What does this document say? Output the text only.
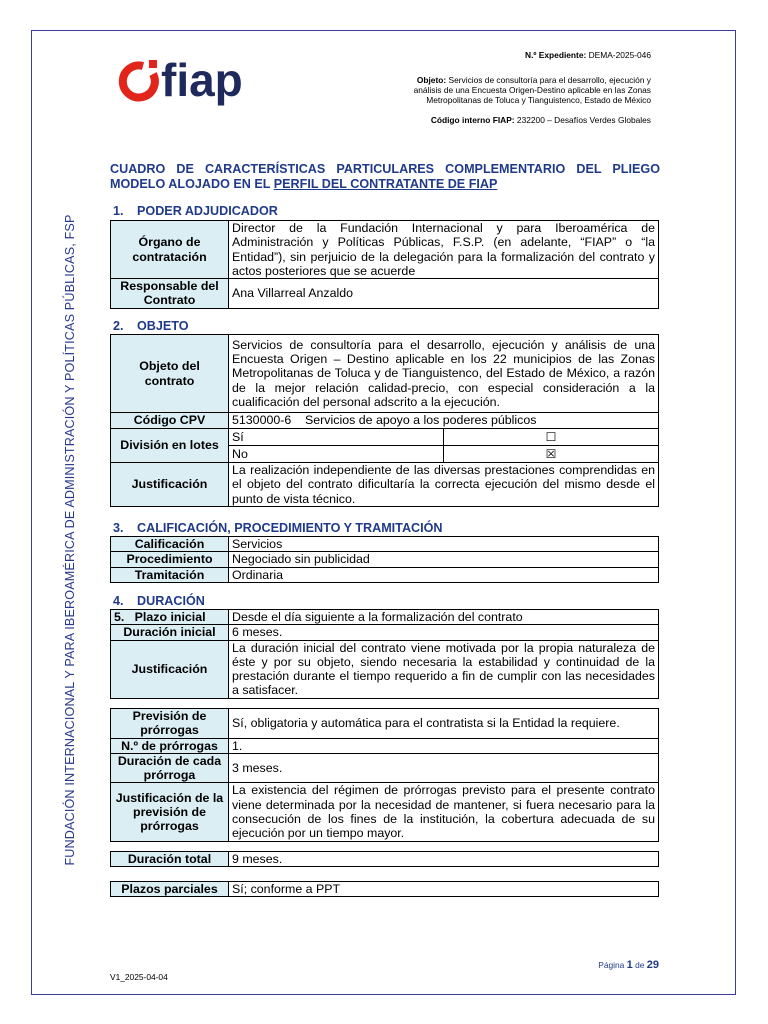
FUNDACIÓN INTERNACIONAL Y PARA IBEROAMÉRICA DE ADMINISTRACIÓN Y POLÍTICAS PÚBLICAS, FSP
fiap	N.º Expediente: DEMA-2025-046
Objeto: Servicios de consultoría para el desarrollo, ejecución y
análisis de una Encuesta Origen-Destino aplicable en las Zonas
Metropolitanas de Toluca y Tianguistenco, Estado de México
Código interno FIAP: 232200 – Desafíos Verdes Globales
CUADRO DE CARACTERÍSTICAS PARTICULARES COMPLEMENTARIO DEL PLIEGO MODELO ALOJADO EN EL PERFIL DEL CONTRATANTE DE FIAP
1. PODER ADJUDICADOR
Órgano de contratación	Director de la Fundación Internacional y para Iberoamérica de Administración y Políticas Públicas, F.S.P. (en adelante, “FIAP” o “la Entidad”), sin perjuicio de la delegación para la formalización del contrato y actos posteriores que se acuerde
Responsable del Contrato	Ana Villarreal Anzaldo
2. OBJETO
Objeto del contrato	Servicios de consultoría para el desarrollo, ejecución y análisis de una Encuesta Origen – Destino aplicable en los 22 municipios de las Zonas Metropolitanas de Toluca y de Tianguistenco, del Estado de México, a razón de la mejor relación calidad-precio, con especial consideración a la cualificación del personal adscrito a la ejecución.	
Código CPV	5130000-6    Servicios de apoyo a los poderes públicos	
División en lotes	Sí	☐
	No	☒
Justificación	La realización independiente de las diversas prestaciones comprendidas en el objeto del contrato dificultaría la correcta ejecución del mismo desde el punto de vista técnico.	
3. CALIFICACIÓN, PROCEDIMIENTO Y TRAMITACIÓN
Calificación	Servicios
Procedimiento	Negociado sin publicidad
Tramitación	Ordinaria
4. DURACIÓN
5.   Plazo inicial	Desde el día siguiente a la formalización del contrato
Duración inicial	6 meses.
Justificación	La duración inicial del contrato viene motivada por la propia naturaleza de éste y por su objeto, siendo necesaria la estabilidad y continuidad de la prestación durante el tiempo requerido a fin de cumplir con las necesidades a satisfacer.
Previsión de prórrogas	Sí, obligatoria y automática para el contratista si la Entidad la requiere.
N.º de prórrogas	1.
Duración de cada prórroga	3 meses.
Justificación de la previsión de prórrogas	La existencia del régimen de prórrogas previsto para el presente contrato viene determinada por la necesidad de mantener, si fuera necesario para la consecución de los fines de la institución, la cobertura adecuada de su ejecución por un tiempo mayor.
Duración total	9 meses.
Plazos parciales	Sí; conforme a PPT
V1_2025-04-04
Página 1 de 29
